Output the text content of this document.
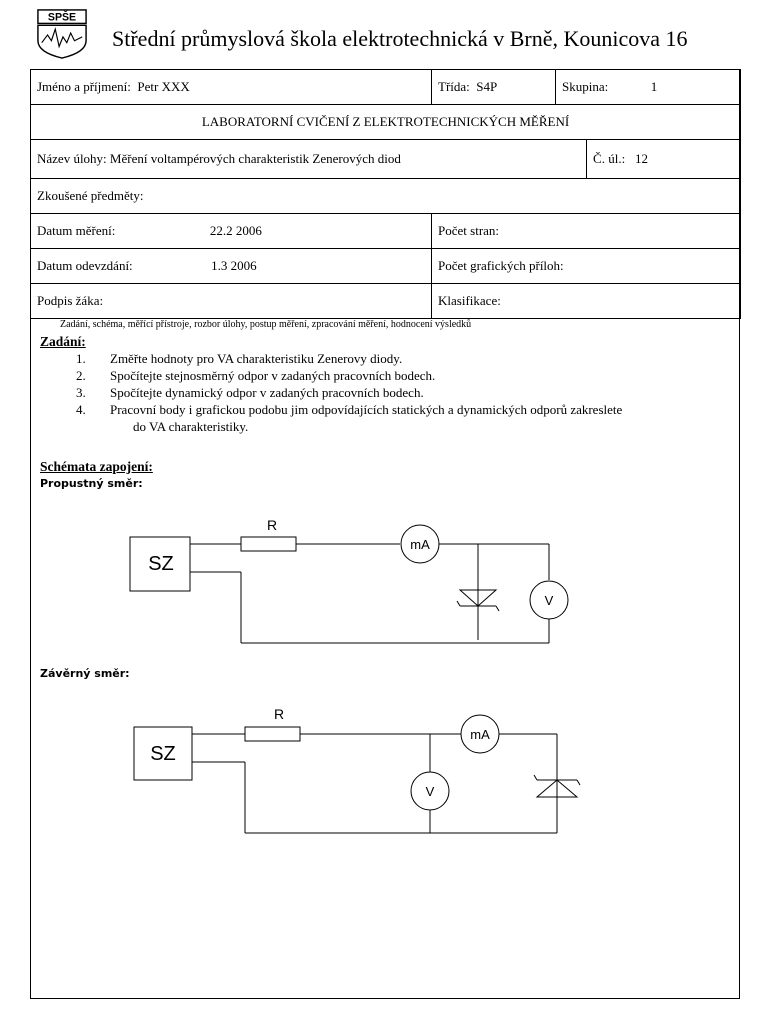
SPŠE
Střední průmyslová škola elektrotechnická v Brně, Kounicova 16
Jméno a příjmení: Petr XXX	Třída: S4P	Skupina: 1	
LABORATORNÍ CVIČENÍ Z ELEKTROTECHNICKÝCH MĚŘENÍ			
Název úlohy: Měření voltampérových charakteristik Zenerových diod			Č. úl.: 12
Zkoušené předměty:			
Datum měření: 22.2 2006	Počet stran:		
Datum odevzdání: 1.3 2006	Počet grafických příloh:		
Podpis žáka:	Klasifikace:		
Zadání, schéma, měřící přístroje, rozbor úlohy, postup měření, zpracování měření, hodnocení výsledků
Zadání:
1. Změřte hodnoty pro VA charakteristiku Zenerovy diody.
2. Spočítejte stejnosměrný odpor v zadaných pracovních bodech.
3. Spočítejte dynamický odpor v zadaných pracovních bodech.
4. Pracovní body i grafickou podobu jim odpovídajících statických a dynamických odporů zakreslete
do VA charakteristiky.
Schémata zapojení:
Propustný směr:
Závěrný směr:
SZ
R
mA
V
SZ
R
mA
V
